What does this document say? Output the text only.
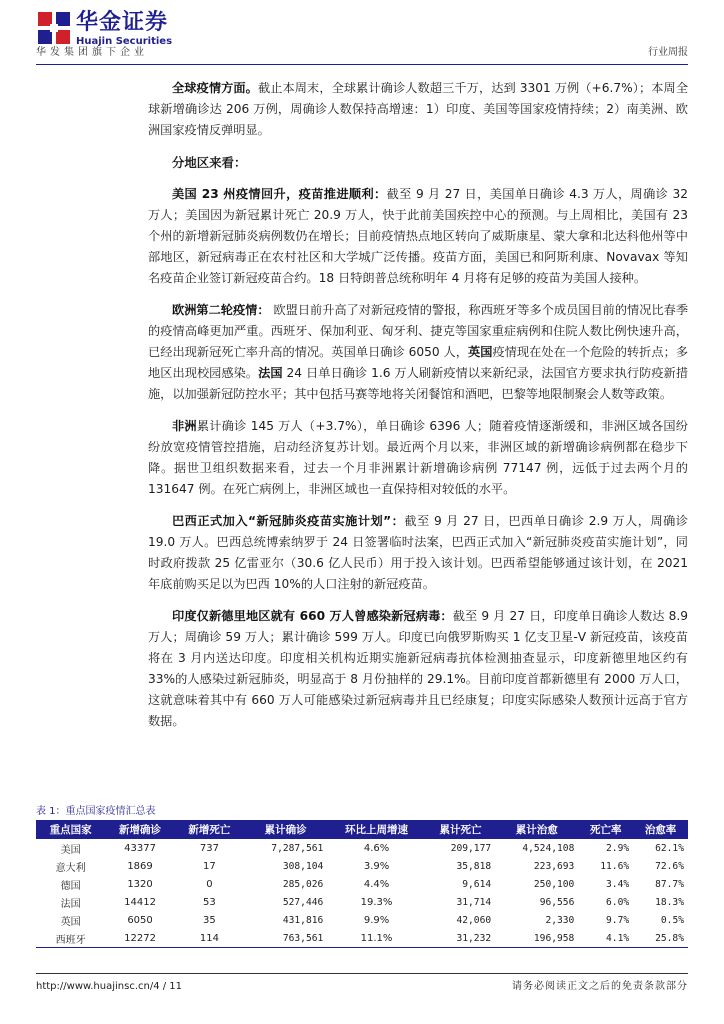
华金证券
Huajin Securities
华发集团旗下企业	行业周报

全球疫情方面。截止本周末，全球累计确诊人数超三千万，达到 3301 万例（+6.7%）；本周全球新增确诊达 206 万例，周确诊人数保持高增速：1）印度、美国等国家疫情持续；2）南美洲、欧洲国家疫情反弹明显。

分地区来看：

美国 23 州疫情回升，疫苗推进顺利：截至 9 月 27 日，美国单日确诊 4.3 万人，周确诊 32 万人；美国因为新冠累计死亡 20.9 万人，快于此前美国疾控中心的预测。与上周相比，美国有 23 个州的新增新冠肺炎病例数仍在增长；目前疫情热点地区转向了威斯康星、蒙大拿和北达科他州等中部地区，新冠病毒正在农村社区和大学城广泛传播。疫苗方面，美国已和阿斯利康、Novavax 等知名疫苗企业签订新冠疫苗合约。18 日特朗普总统称明年 4 月将有足够的疫苗为美国人接种。

欧洲第二轮疫情： 欧盟日前升高了对新冠疫情的警报，称西班牙等多个成员国目前的情况比春季的疫情高峰更加严重。西班牙、保加利亚、匈牙利、捷克等国家重症病例和住院人数比例快速升高，已经出现新冠死亡率升高的情况。英国单日确诊 6050 人，英国疫情现在处在一个危险的转折点；多地区出现校园感染。法国 24 日单日确诊 1.6 万人刷新疫情以来新纪录，法国官方要求执行防疫新措施，以加强新冠防控水平；其中包括马赛等地将关闭餐馆和酒吧，巴黎等地限制聚会人数等政策。

非洲累计确诊 145 万人（+3.7%），单日确诊 6396 人；随着疫情逐渐缓和，非洲区域各国纷纷放宽疫情管控措施，启动经济复苏计划。最近两个月以来，非洲区域的新增确诊病例都在稳步下降。据世卫组织数据来看，过去一个月非洲累计新增确诊病例 77147 例，远低于过去两个月的 131647 例。在死亡病例上，非洲区域也一直保持相对较低的水平。

巴西正式加入“新冠肺炎疫苗实施计划”：截至 9 月 27 日，巴西单日确诊 2.9 万人，周确诊 19.0 万人。巴西总统博索纳罗于 24 日签署临时法案，巴西正式加入“新冠肺炎疫苗实施计划”，同时政府拨款 25 亿雷亚尔（30.6 亿人民币）用于投入该计划。巴西希望能够通过该计划，在 2021 年底前购买足以为巴西 10%的人口注射的新冠疫苗。

印度仅新德里地区就有 660 万人曾感染新冠病毒：截至 9 月 27 日，印度单日确诊人数达 8.9 万人；周确诊 59 万人；累计确诊 599 万人。印度已向俄罗斯购买 1 亿支卫星-V 新冠疫苗，该疫苗将在 3 月内送达印度。印度相关机构近期实施新冠病毒抗体检测抽查显示，印度新德里地区约有 33%的人感染过新冠肺炎，明显高于 8 月份抽样的 29.1%。目前印度首都新德里有 2000 万人口，这就意味着其中有 660 万人可能感染过新冠病毒并且已经康复；印度实际感染人数预计远高于官方数据。

表 1：重点国家疫情汇总表
重点国家	新增确诊	新增死亡	累计确诊	环比上周增速	累计死亡	累计治愈	死亡率	治愈率
美国	43377	737	7,287,561	4.6%	209,177	4,524,108	2.9%	62.1%
意大利	1869	17	308,104	3.9%	35,818	223,693	11.6%	72.6%
德国	1320	0	285,026	4.4%	9,614	250,100	3.4%	87.7%
法国	14412	53	527,446	19.3%	31,714	96,556	6.0%	18.3%
英国	6050	35	431,816	9.9%	42,060	2,330	9.7%	0.5%
西班牙	12272	114	763,561	11.1%	31,232	196,958	4.1%	25.8%
http://www.huajinsc.cn/4 / 11	请务必阅读正文之后的免责条款部分
